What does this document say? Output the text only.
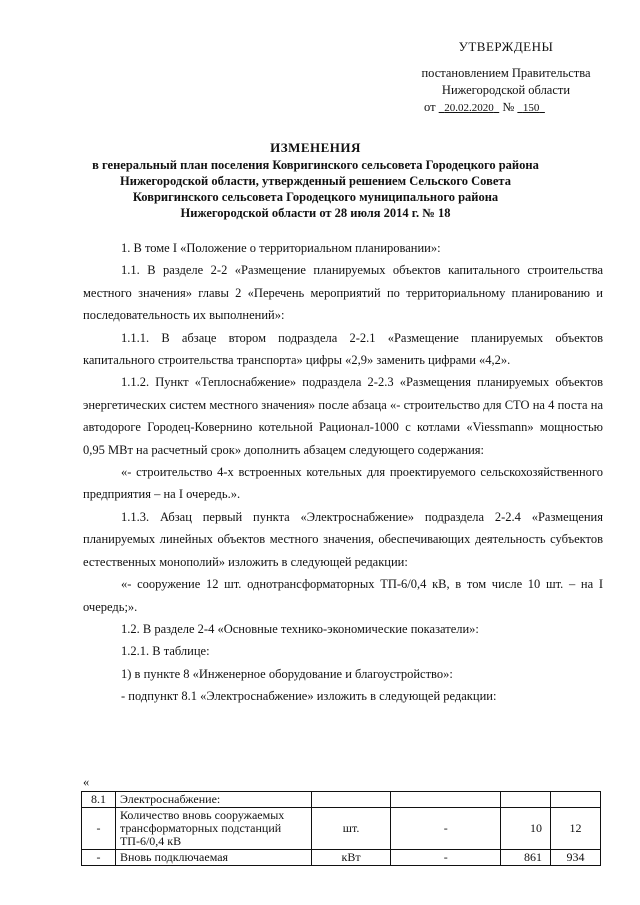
УТВЕРЖДЕНЫ
постановлением Правительства
Нижегородской области
от 20.02.2020 № 150
ИЗМЕНЕНИЯ
в генеральный план поселения Ковригинского сельсовета Городецкого района Нижегородской области, утвержденный решением Сельского Совета Ковригинского сельсовета Городецкого муниципального района Нижегородской области от 28 июля 2014 г. № 18
1. В томе I «Положение о территориальном планировании»:
1.1. В разделе 2-2 «Размещение планируемых объектов капитального строительства местного значения» главы 2 «Перечень мероприятий по территориальному планированию и последовательность их выполнений»:
1.1.1. В абзаце втором подраздела 2-2.1 «Размещение планируемых объектов капитального строительства транспорта» цифры «2,9» заменить цифрами «4,2».
1.1.2. Пункт «Теплоснабжение» подраздела 2-2.3 «Размещения планируемых объектов энергетических систем местного значения» после абзаца «- строительство для СТО на 4 поста на автодороге Городец-Ковернино котельной Рационал-1000 с котлами «Viessmann» мощностью 0,95 МВт на расчетный срок» дополнить абзацем следующего содержания:
«- строительство 4-х встроенных котельных для проектируемого сельскохозяйственного предприятия – на I очередь.».
1.1.3. Абзац первый пункта «Электроснабжение» подраздела 2-2.4 «Размещения планируемых линейных объектов местного значения, обеспечивающих деятельность субъектов естественных монополий» изложить в следующей редакции:
«- сооружение 12 шт. однотрансформаторных ТП-6/0,4 кВ, в том числе 10 шт. – на I очередь;».
1.2. В разделе 2-4 «Основные технико-экономические показатели»:
1.2.1. В таблице:
1) в пункте 8 «Инженерное оборудование и благоустройство»:
- подпункт 8.1 «Электроснабжение» изложить в следующей редакции:
«
8.1	Электроснабжение:				
-	Количество вновь сооружаемых трансформаторных подстанций ТП-6/0,4 кВ	шт.	-	10	12
-	Вновь подключаемая	кВт	-	861	934
